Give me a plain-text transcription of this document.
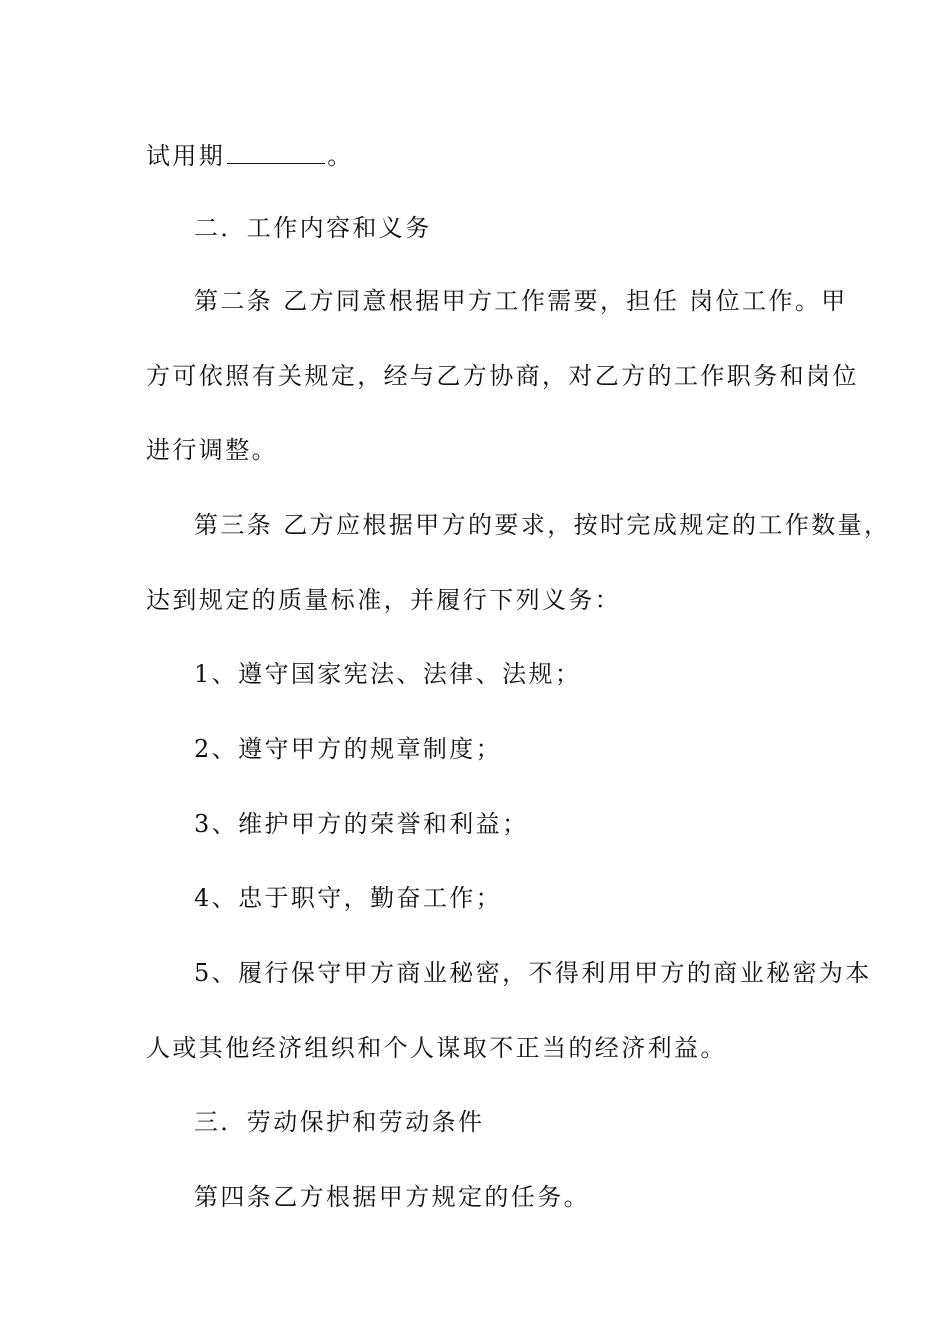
试用期	。

二．工作内容和义务

第二条 乙方同意根据甲方工作需要，担任 岗位工作。甲

方可依照有关规定，经与乙方协商，对乙方的工作职务和岗位

进行调整。

第三条 乙方应根据甲方的要求，按时完成规定的工作数量，

达到规定的质量标准，并履行下列义务：

1、遵守国家宪法、法律、法规；

2、遵守甲方的规章制度；

3、维护甲方的荣誉和利益；

4、忠于职守，勤奋工作；

5、履行保守甲方商业秘密，不得利用甲方的商业秘密为本

人或其他经济组织和个人谋取不正当的经济利益。

三．劳动保护和劳动条件

第四条乙方根据甲方规定的任务。
